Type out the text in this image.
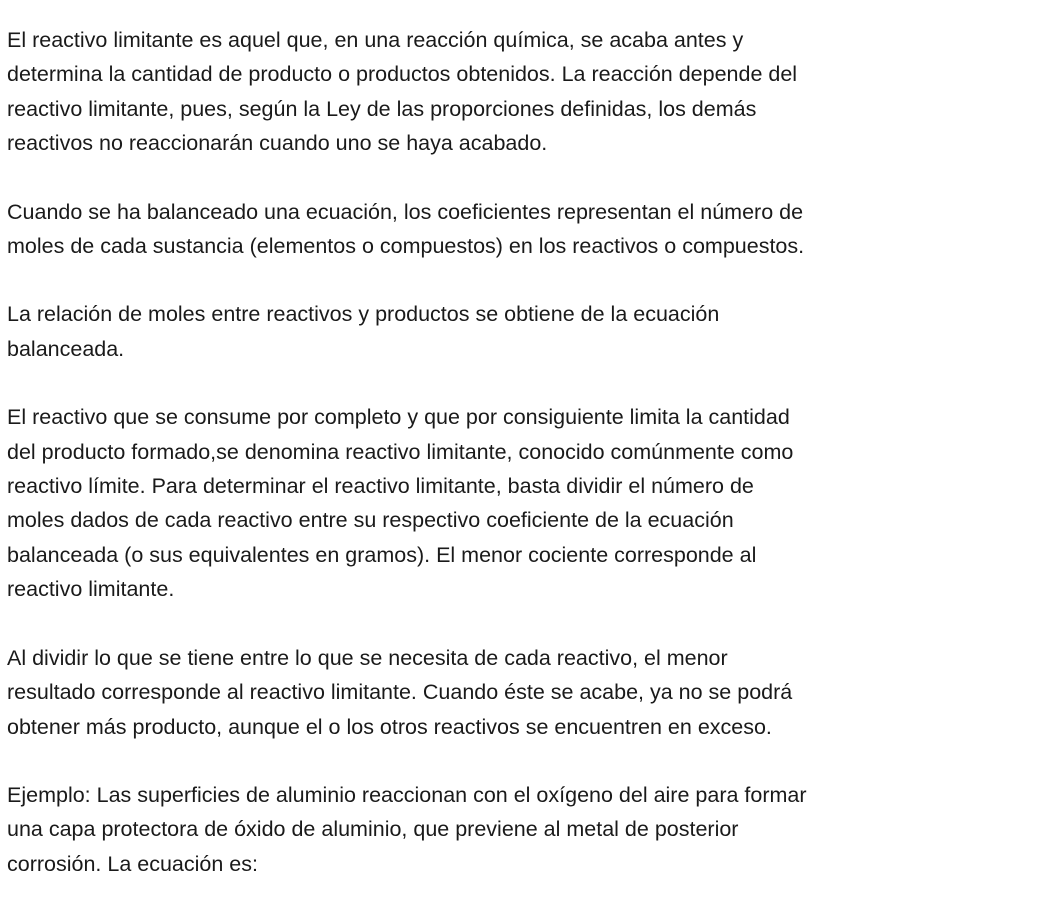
El reactivo limitante es aquel que, en una reacción química, se acaba antes y
determina la cantidad de producto o productos obtenidos. La reacción depende del
reactivo limitante, pues, según la Ley de las proporciones definidas, los demás
reactivos no reaccionarán cuando uno se haya acabado.
Cuando se ha balanceado una ecuación, los coeficientes representan el número de
moles de cada sustancia (elementos o compuestos) en los reactivos o compuestos.
La relación de moles entre reactivos y productos se obtiene de la ecuación
balanceada.
El reactivo que se consume por completo y que por consiguiente limita la cantidad
del producto formado,se denomina reactivo limitante, conocido comúnmente como
reactivo límite. Para determinar el reactivo limitante, basta dividir el número de
moles dados de cada reactivo entre su respectivo coeficiente de la ecuación
balanceada (o sus equivalentes en gramos). El menor cociente corresponde al
reactivo limitante.
Al dividir lo que se tiene entre lo que se necesita de cada reactivo, el menor
resultado corresponde al reactivo limitante. Cuando éste se acabe, ya no se podrá
obtener más producto, aunque el o los otros reactivos se encuentren en exceso.
Ejemplo: Las superficies de aluminio reaccionan con el oxígeno del aire para formar
una capa protectora de óxido de aluminio, que previene al metal de posterior
corrosión. La ecuación es:
